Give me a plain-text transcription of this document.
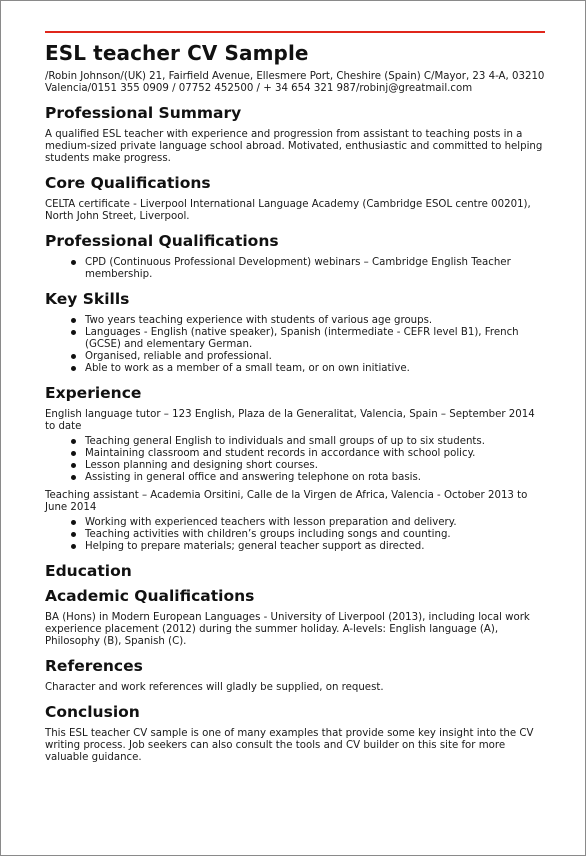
ESL teacher CV Sample

/Robin Johnson/(UK) 21, Fairfield Avenue, Ellesmere Port, Cheshire (Spain) C/Mayor, 23 4-A, 03210 Valencia/0151 355 0909 / 07752 452500 / + 34 654 321 987/robinj@greatmail.com

Professional Summary

A qualified ESL teacher with experience and progression from assistant to teaching posts in a medium-sized private language school abroad. Motivated, enthusiastic and committed to helping students make progress.

Core Qualifications

CELTA certificate - Liverpool International Language Academy (Cambridge ESOL centre 00201), North John Street, Liverpool.

Professional Qualifications
CPD (Continuous Professional Development) webinars – Cambridge English Teacher membership.
Key Skills
Two years teaching experience with students of various age groups.
Languages - English (native speaker), Spanish (intermediate - CEFR level B1), French (GCSE) and elementary German.
Organised, reliable and professional.
Able to work as a member of a small team, or on own initiative.
Experience

English language tutor – 123 English, Plaza de la Generalitat, Valencia, Spain – September 2014 to date

Teaching general English to individuals and small groups of up to six students.
Maintaining classroom and student records in accordance with school policy.
Lesson planning and designing short courses.
Assisting in general office and answering telephone on rota basis.

Teaching assistant – Academia Orsitini, Calle de la Virgen de Africa, Valencia - October 2013 to June 2014

Working with experienced teachers with lesson preparation and delivery.
Teaching activities with children’s groups including songs and counting.
Helping to prepare materials; general teacher support as directed.
Education
Academic Qualifications

BA (Hons) in Modern European Languages - University of Liverpool (2013), including local work experience placement (2012) during the summer holiday. A-levels: English language (A), Philosophy (B), Spanish (C).

References

Character and work references will gladly be supplied, on request.

Conclusion

This ESL teacher CV sample is one of many examples that provide some key insight into the CV writing process. Job seekers can also consult the tools and CV builder on this site for more valuable guidance.
